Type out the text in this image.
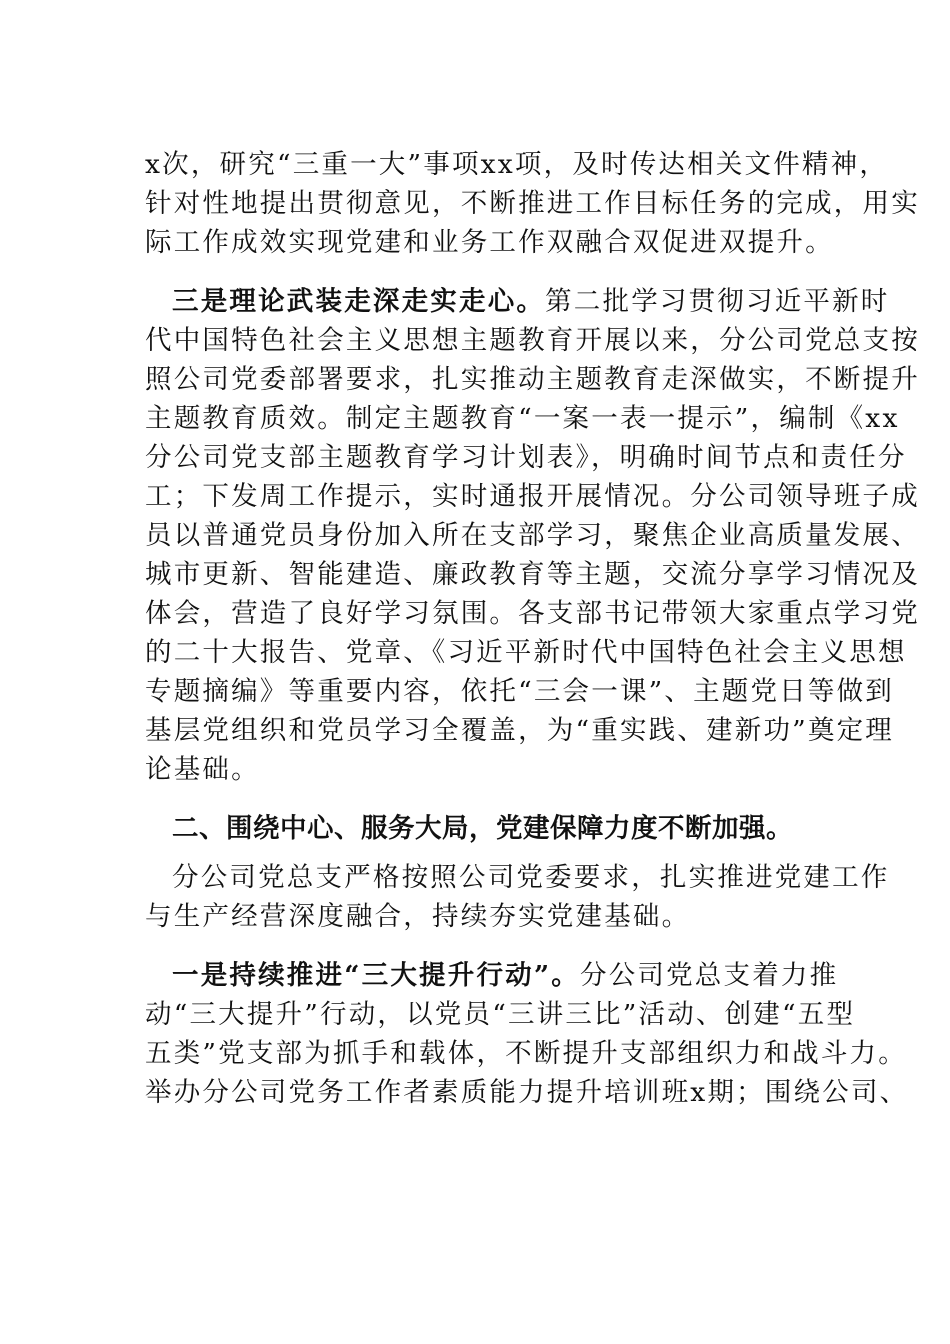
x次，研究“三重一大”事项xx项，及时传达相关文件精神，
针对性地提出贯彻意见，不断推进工作目标任务的完成，用实
际工作成效实现党建和业务工作双融合双促进双提升。
三是理论武装走深走实走心。第二批学习贯彻习近平新时
代中国特色社会主义思想主题教育开展以来，分公司党总支按
照公司党委部署要求，扎实推动主题教育走深做实，不断提升
主题教育质效。制定主题教育“一案一表一提示”，编制《xx
分公司党支部主题教育学习计划表》，明确时间节点和责任分
工；下发周工作提示，实时通报开展情况。分公司领导班子成
员以普通党员身份加入所在支部学习，聚焦企业高质量发展、
城市更新、智能建造、廉政教育等主题，交流分享学习情况及
体会，营造了良好学习氛围。各支部书记带领大家重点学习党
的二十大报告、党章、《习近平新时代中国特色社会主义思想
专题摘编》等重要内容，依托“三会一课”、主题党日等做到
基层党组织和党员学习全覆盖，为“重实践、建新功”奠定理
论基础。
二、围绕中心、服务大局，党建保障力度不断加强。
分公司党总支严格按照公司党委要求，扎实推进党建工作
与生产经营深度融合，持续夯实党建基础。
一是持续推进“三大提升行动”。分公司党总支着力推
动“三大提升”行动，以党员“三讲三比”活动、创建“五型
五类”党支部为抓手和载体，不断提升支部组织力和战斗力。
举办分公司党务工作者素质能力提升培训班x期；围绕公司、
